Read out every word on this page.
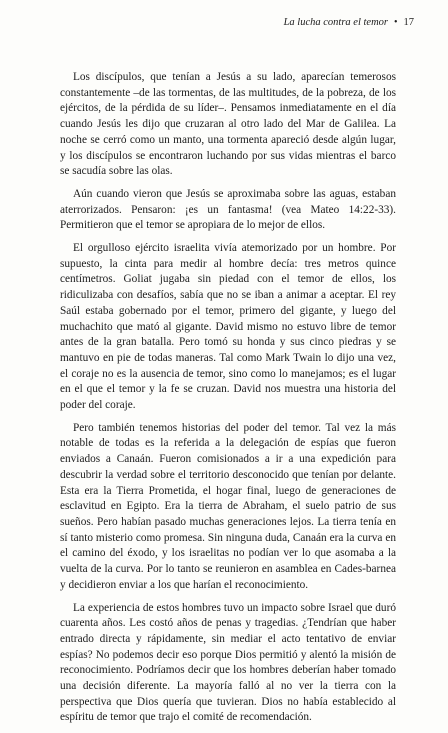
La lucha contra el temor • 17

Los discípulos, que tenían a Jesús a su lado, aparecían temerosos constantemente –de las tormentas, de las multitudes, de la pobreza, de los ejércitos, de la pérdida de su líder–. Pensamos inmediatamente en el día cuando Jesús les dijo que cruzaran al otro lado del Mar de Galilea. La noche se cerró como un manto, una tormenta apareció desde algún lugar, y los discípulos se encontraron luchando por sus vidas mientras el barco se sacudía sobre las olas.

Aún cuando vieron que Jesús se aproximaba sobre las aguas, estaban aterrorizados. Pensaron: ¡es un fantasma! (vea Mateo 14:22-33). Permitieron que el temor se apropiara de lo mejor de ellos.

El orgulloso ejército israelita vivía atemorizado por un hombre. Por supuesto, la cinta para medir al hombre decía: tres metros quince centímetros. Goliat jugaba sin piedad con el temor de ellos, los ridiculizaba con desafíos, sabía que no se iban a animar a aceptar. El rey Saúl estaba gobernado por el temor, primero del gigante, y luego del muchachito que mató al gigante. David mismo no estuvo libre de temor antes de la gran batalla. Pero tomó su honda y sus cinco piedras y se mantuvo en pie de todas maneras. Tal como Mark Twain lo dijo una vez, el coraje no es la ausencia de temor, sino como lo manejamos; es el lugar en el que el temor y la fe se cruzan. David nos muestra una historia del poder del coraje.

Pero también tenemos historias del poder del temor. Tal vez la más notable de todas es la referida a la delegación de espías que fueron enviados a Canaán. Fueron comisionados a ir a una expedición para descubrir la verdad sobre el territorio desconocido que tenían por delante. Esta era la Tierra Prometida, el hogar final, luego de generaciones de esclavitud en Egipto. Era la tierra de Abraham, el suelo patrio de sus sueños. Pero habían pasado muchas generaciones lejos. La tierra tenía en sí tanto misterio como promesa. Sin ninguna duda, Canaán era la curva en el camino del éxodo, y los israelitas no podían ver lo que asomaba a la vuelta de la curva. Por lo tanto se reunieron en asamblea en Cades-barnea y decidieron enviar a los que harían el reconocimiento.

La experiencia de estos hombres tuvo un impacto sobre Israel que duró cuarenta años. Les costó años de penas y tragedias. ¿Tendrían que haber entrado directa y rápidamente, sin mediar el acto tentativo de enviar espías? No podemos decir eso porque Dios permitió y alentó la misión de reconocimiento. Podríamos decir que los hombres deberían haber tomado una decisión diferente. La mayoría falló al no ver la tierra con la perspectiva que Dios quería que tuvieran. Dios no había establecido al espíritu de temor que trajo el comité de recomendación.
